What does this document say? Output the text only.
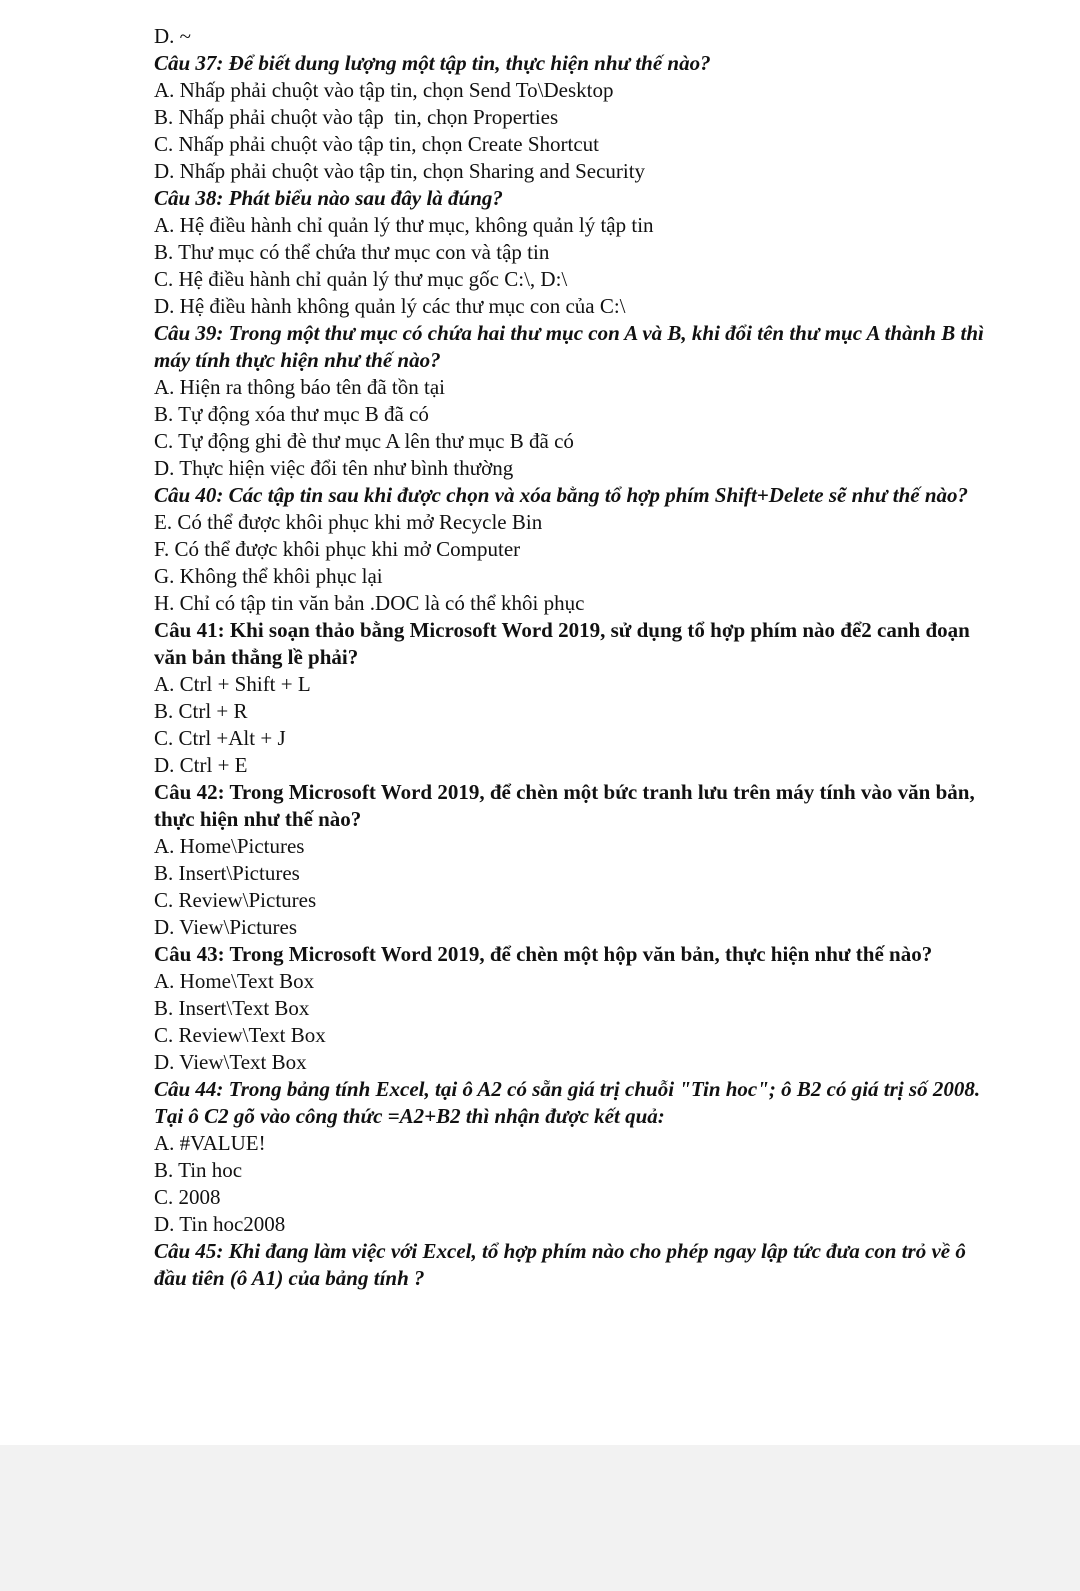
D. ~

Câu 37: Để biết dung lượng một tập tin, thực hiện như thế nào?

A. Nhấp phải chuột vào tập tin, chọn Send To\Desktop

B. Nhấp phải chuột vào tập  tin, chọn Properties

C. Nhấp phải chuột vào tập tin, chọn Create Shortcut

D. Nhấp phải chuột vào tập tin, chọn Sharing and Security

Câu 38: Phát biểu nào sau đây là đúng?

A. Hệ điều hành chỉ quản lý thư mục, không quản lý tập tin

B. Thư mục có thể chứa thư mục con và tập tin

C. Hệ điều hành chỉ quản lý thư mục gốc C:\, D:\

D. Hệ điều hành không quản lý các thư mục con của C:\

Câu 39: Trong một thư mục có chứa hai thư mục con A và B, khi đổi tên thư mục A thành B thì máy tính thực hiện như thế nào?

A. Hiện ra thông báo tên đã tồn tại

B. Tự động xóa thư mục B đã có

C. Tự động ghi đè thư mục A lên thư mục B đã có

D. Thực hiện việc đổi tên như bình thường

Câu 40: Các tập tin sau khi được chọn và xóa bằng tổ hợp phím Shift+Delete sẽ như thế nào?

E. Có thể được khôi phục khi mở Recycle Bin

F. Có thể được khôi phục khi mở Computer

G. Không thể khôi phục lại

H. Chỉ có tập tin văn bản .DOC là có thể khôi phục

Câu 41: Khi soạn thảo bằng Microsoft Word 2019, sử dụng tổ hợp phím nào để2 canh đoạn văn bản thẳng lề phải?

A. Ctrl + Shift + L

B. Ctrl + R

C. Ctrl +Alt + J

D. Ctrl + E

Câu 42: Trong Microsoft Word 2019, để chèn một bức tranh lưu trên máy tính vào văn bản, thực hiện như thế nào?

A. Home\Pictures

B. Insert\Pictures

C. Review\Pictures

D. View\Pictures

Câu 43: Trong Microsoft Word 2019, để chèn một hộp văn bản, thực hiện như thế nào?

A. Home\Text Box

B. Insert\Text Box

C. Review\Text Box

D. View\Text Box

Câu 44: Trong bảng tính Excel, tại ô A2 có sẵn giá trị chuỗi "Tin hoc"; ô B2 có giá trị số 2008. Tại ô C2 gõ vào công thức =A2+B2 thì nhận được kết quả:

A. #VALUE!

B. Tin hoc

C. 2008

D. Tin hoc2008

Câu 45: Khi đang làm việc với Excel, tổ hợp phím nào cho phép ngay lập tức đưa con trỏ về ô đầu tiên (ô A1) của bảng tính ?
